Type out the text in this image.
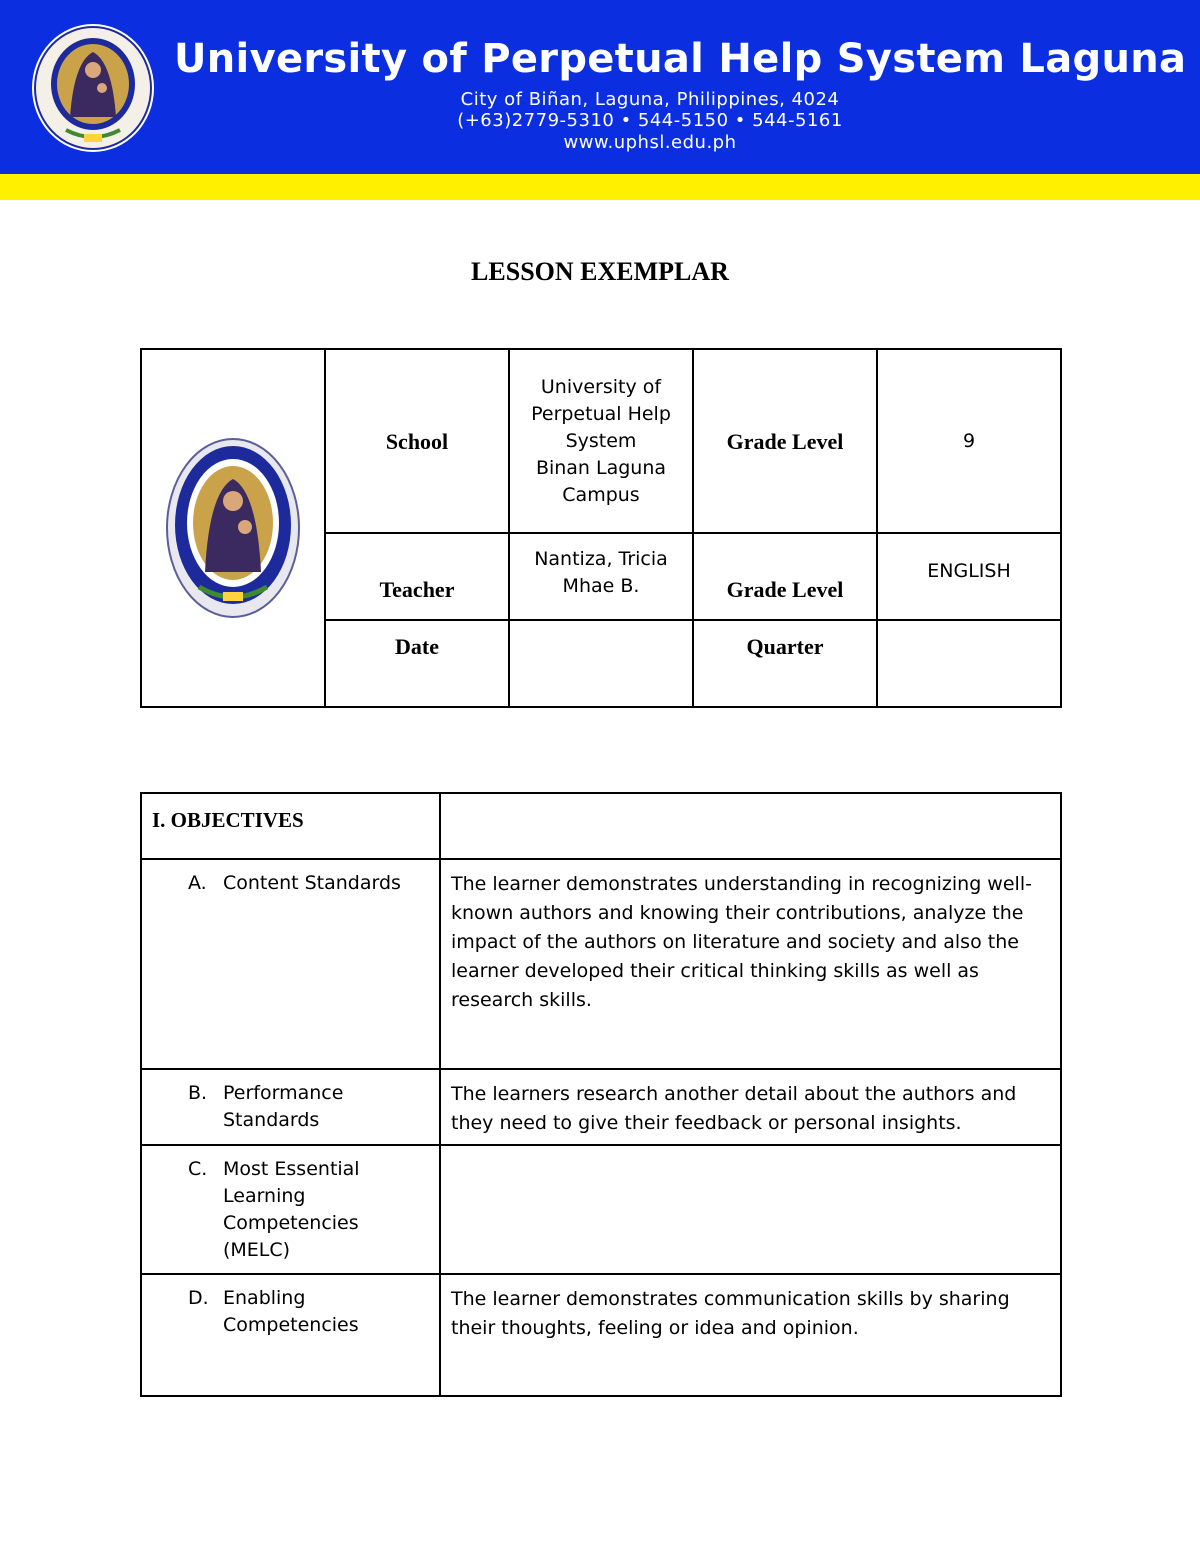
University of Perpetual Help System Laguna
City of Biñan, Laguna, Philippines, 4024
(+63)2779-5310 • 544-5150 • 544-5161
www.uphsl.edu.ph
LESSON EXEMPLAR
	School	University of
Perpetual Help
System
Binan Laguna
Campus	Grade Level	9
	Teacher	Nantiza, Tricia
Mhae B.	Grade Level	ENGLISH
	Date		Quarter	
I. OBJECTIVES	

A. Content Standards	The learner demonstrates understanding in recognizing well-known authors and knowing their contributions, analyze the impact of the authors on literature and society and also the learner developed their critical thinking skills as well as research skills.

B. Performance Standards	The learners research another detail about the authors and they need to give their feedback or personal insights.

C. Most Essential Learning Competencies (MELC)	

D. Enabling Competencies	The learner demonstrates communication skills by sharing their thoughts, feeling or idea and opinion.
